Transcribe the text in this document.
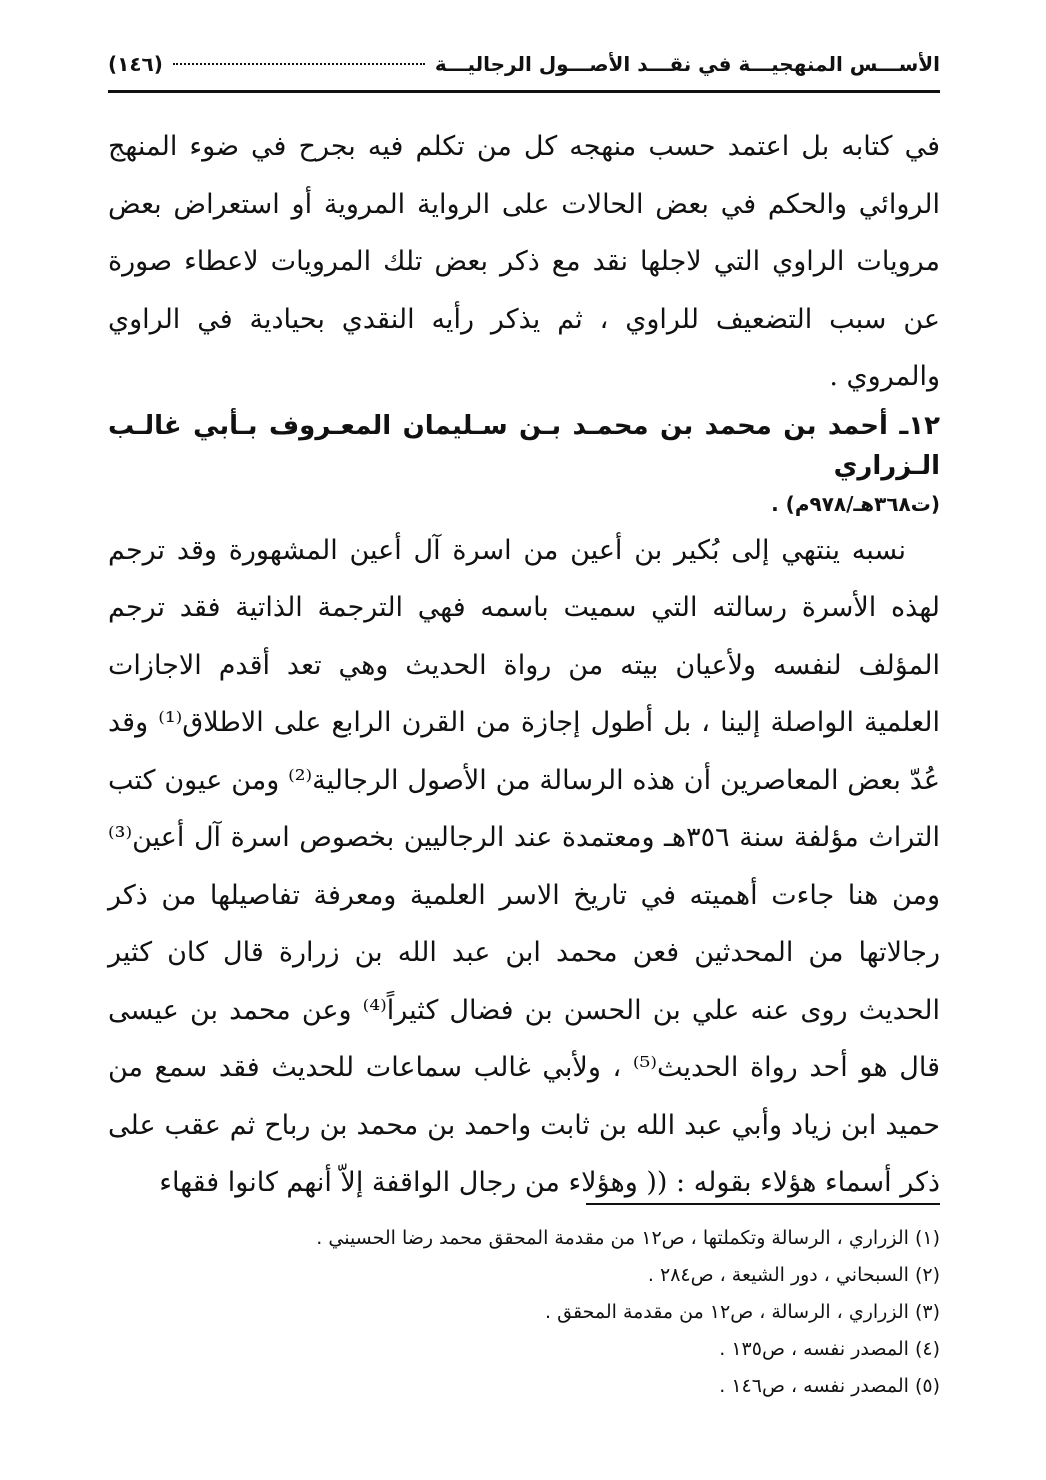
الأســـس المنهجيـــة في نقـــد الأصـــول الرجاليـــة
(١٤٦)

في كتابه بل اعتمد حسب منهجه كل من تكلم فيه بجرح في ضوء المنهج الروائي والحكم في بعض الحالات على الرواية المروية أو استعراض بعض مرويات الراوي التي لاجلها نقد مع ذكر بعض تلك المرويات لاعطاء صورة عن سبب التضعيف للراوي ، ثم يذكر رأيه النقدي بحيادية في الراوي والمروي .

١٢ـ أحمد بن محمد بن محمـد بـن سـليمان المعـروف بـأبي غالـب الـزراري

(ت٣٦٨هـ/٩٧٨م) .

نسبه ينتهي إلى بُكير بن أعين من اسرة آل أعين المشهورة وقد ترجم لهذه الأسرة رسالته التي سميت باسمه فهي الترجمة الذاتية فقد ترجم المؤلف لنفسه ولأعيان بيته من رواة الحديث وهي تعد أقدم الاجازات العلمية الواصلة إلينا ، بل أطول إجازة من القرن الرابع على الاطلاق⁽¹⁾ وقد عُدّ بعض المعاصرين أن هذه الرسالة من الأصول الرجالية⁽²⁾ ومن عيون كتب التراث مؤلفة سنة ٣٥٦هـ ومعتمدة عند الرجاليين بخصوص اسرة آل أعين⁽³⁾ ومن هنا جاءت أهميته في تاريخ الاسر العلمية ومعرفة تفاصيلها من ذكر رجالاتها من المحدثين فعن محمد ابن عبد الله بن زرارة قال كان كثير الحديث روى عنه علي بن الحسن بن فضال كثيراً⁽⁴⁾ وعن محمد بن عيسى قال هو أحد رواة الحديث⁽⁵⁾ ، ولأبي غالب سماعات للحديث فقد سمع من حميد ابن زياد وأبي عبد الله بن ثابت واحمد بن محمد بن رباح ثم عقب على ذكر أسماء هؤلاء بقوله : (( وهؤلاء من رجال الواقفة إلاّ أنهم كانوا فقهاء

(١) الزراري ، الرسالة وتكملتها ، ص١٢ من مقدمة المحقق محمد رضا الحسيني .
(٢) السبحاني ، دور الشيعة ، ص٢٨٤ .
(٣) الزراري ، الرسالة ، ص١٢ من مقدمة المحقق .
(٤) المصدر نفسه ، ص١٣٥ .
(٥) المصدر نفسه ، ص١٤٦ .
